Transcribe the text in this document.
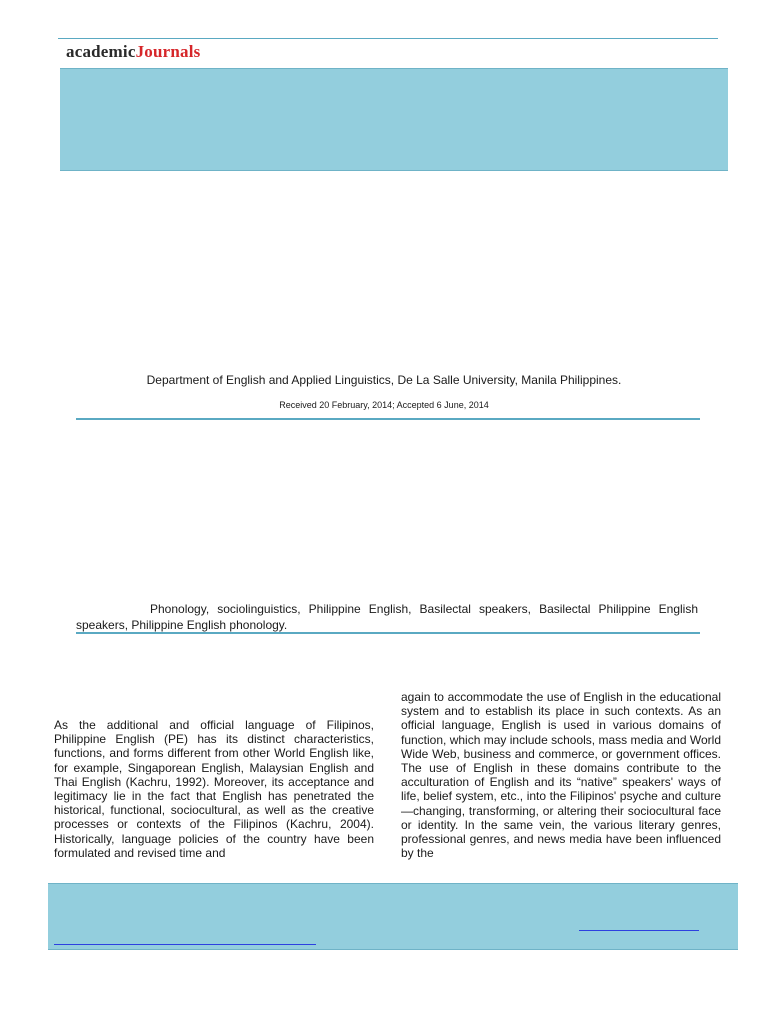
academicJournals
Department of English and Applied Linguistics, De La Salle University, Manila Philippines.
Received 20 February, 2014; Accepted 6 June, 2014
Phonology, sociolinguistics, Philippine English, Basilectal speakers, Basilectal Philippine English speakers, Philippine English phonology.
As the additional and official language of Filipinos, Philippine English (PE) has its distinct characteristics, functions, and forms different from other World English like, for example, Singaporean English, Malaysian English and Thai English (Kachru, 1992). Moreover, its acceptance and legitimacy lie in the fact that English has penetrated the historical, functional, sociocultural, as well as the creative processes or contexts of the Filipinos (Kachru, 2004). Historically, language policies of the country have been formulated and revised time and
again to accommodate the use of English in the educational system and to establish its place in such contexts. As an official language, English is used in various domains of function, which may include schools, mass media and World Wide Web, business and commerce, or government offices. The use of English in these domains contribute to the acculturation of English and its “native” speakers' ways of life, belief system, etc., into the Filipinos' psyche and culture—changing, transforming, or altering their sociocultural face or identity. In the same vein, the various literary genres, professional genres, and news media have been influenced by the
